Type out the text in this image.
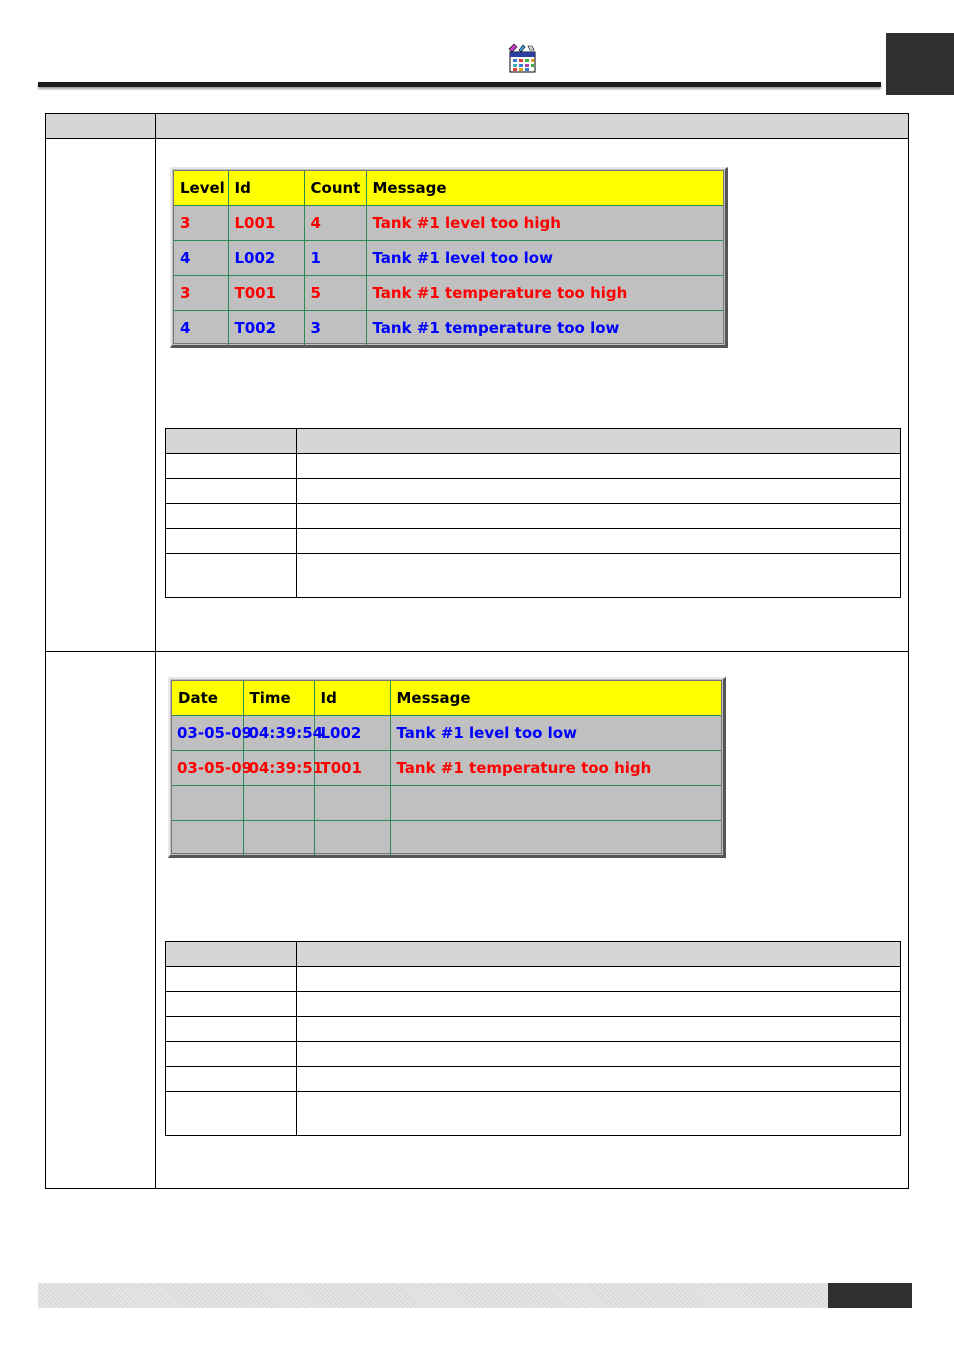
Level	Id	Count	Message
3	L001	4	Tank #1 level too high
4	L002	1	Tank #1 level too low
3	T001	5	Tank #1 temperature too high
4	T002	3	Tank #1 temperature too low

Date	Time	Id	Message
03-05-09	04:39:54	L002	Tank #1 level too low
03-05-09	04:39:51	T001	Tank #1 temperature too high
